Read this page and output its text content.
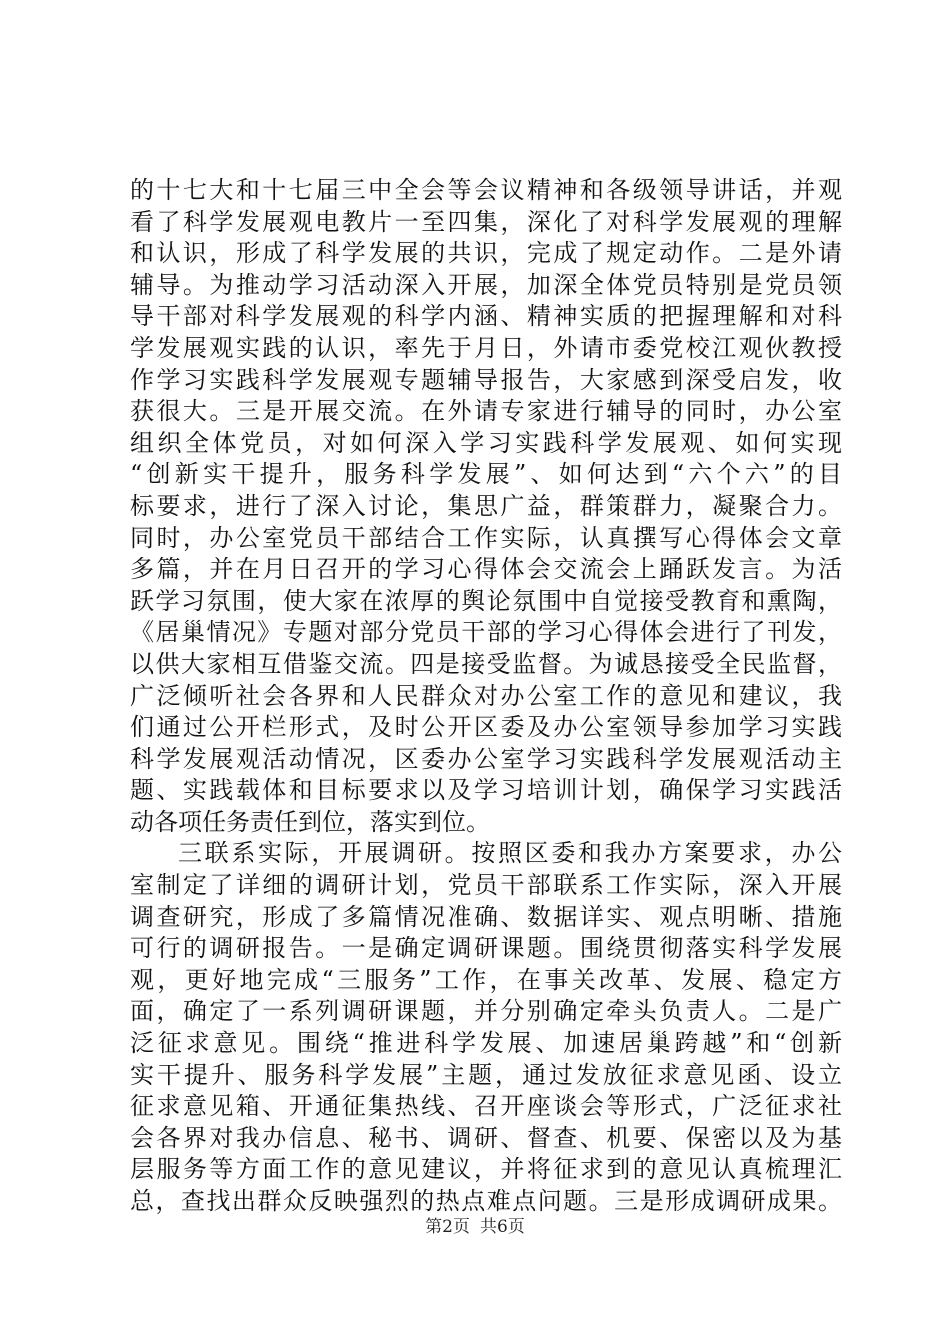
的十七大和十七届三中全会等会议精神和各级领导讲话，并观
看了科学发展观电教片一至四集，深化了对科学发展观的理解
和认识，形成了科学发展的共识，完成了规定动作。二是外请
辅导。为推动学习活动深入开展，加深全体党员特别是党员领
导干部对科学发展观的科学内涵、精神实质的把握理解和对科
学发展观实践的认识，率先于月日，外请市委党校江观伙教授
作学习实践科学发展观专题辅导报告，大家感到深受启发，收
获很大。三是开展交流。在外请专家进行辅导的同时，办公室
组织全体党员，对如何深入学习实践科学发展观、如何实现
“创新实干提升，服务科学发展”、如何达到“六个六”的目
标要求，进行了深入讨论，集思广益，群策群力，凝聚合力。
同时，办公室党员干部结合工作实际，认真撰写心得体会文章
多篇，并在月日召开的学习心得体会交流会上踊跃发言。为活
跃学习氛围，使大家在浓厚的舆论氛围中自觉接受教育和熏陶，
《居巢情况》专题对部分党员干部的学习心得体会进行了刊发，
以供大家相互借鉴交流。四是接受监督。为诚恳接受全民监督，
广泛倾听社会各界和人民群众对办公室工作的意见和建议，我
们通过公开栏形式，及时公开区委及办公室领导参加学习实践
科学发展观活动情况，区委办公室学习实践科学发展观活动主
题、实践载体和目标要求以及学习培训计划，确保学习实践活
动各项任务责任到位，落实到位。
三联系实际，开展调研。按照区委和我办方案要求，办公
室制定了详细的调研计划，党员干部联系工作实际，深入开展
调查研究，形成了多篇情况准确、数据详实、观点明晰、措施
可行的调研报告。一是确定调研课题。围绕贯彻落实科学发展
观，更好地完成“三服务”工作，在事关改革、发展、稳定方
面，确定了一系列调研课题，并分别确定牵头负责人。二是广
泛征求意见。围绕“推进科学发展、加速居巢跨越”和“创新
实干提升、服务科学发展”主题，通过发放征求意见函、设立
征求意见箱、开通征集热线、召开座谈会等形式，广泛征求社
会各界对我办信息、秘书、调研、督查、机要、保密以及为基
层服务等方面工作的意见建议，并将征求到的意见认真梳理汇
总，查找出群众反映强烈的热点难点问题。三是形成调研成果。
第2页 共6页
